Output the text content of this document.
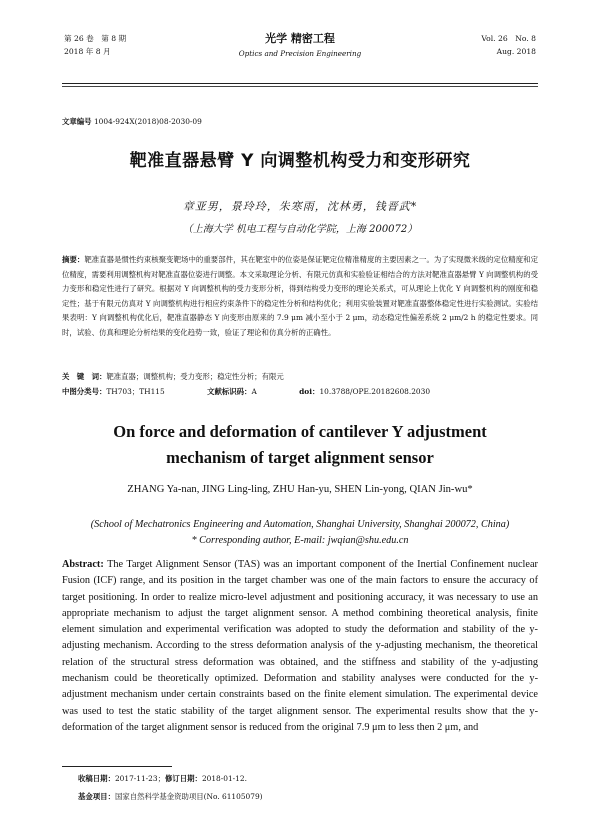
第 26 卷　第 8 期
2018 年 8 月
光学 精密工程
Optics and Precision Engineering
Vol. 26　No. 8
Aug. 2018
文章编号 1004-924X(2018)08-2030-09
靶准直器悬臂 Y 向调整机构受力和变形研究
章亚男，景玲玲，朱寒雨，沈林勇，钱晋武*
（上海大学 机电工程与自动化学院，上海 200072）
摘要：靶准直器是惯性约束核聚变靶场中的重要部件，其在靶室中的位姿是保证靶定位精准精度的主要因素之一。为了实现微米级的定位精度和定位精度，需要利用调整机构对靶准直器位姿进行调整。本文采取理论分析、有限元仿真和实验验证相结合的方法对靶准直器悬臂 Y 向调整机构的受力变形和稳定性进行了研究。根据对 Y 向调整机构的受力变形分析，得到结构受力变形的理论关系式，可从理论上优化 Y 向调整机构的刚度和稳定性；基于有限元仿真对 Y 向调整机构进行相应约束条件下的稳定性分析和结构优化；利用实验装置对靶准直器整体稳定性进行实验测试。实验结果表明：Y 向调整机构优化后，靶准直器静态 Y 向变形由原来的 7.9 μm 减小至小于 2 μm，动态稳定性偏差系统 2 μm/2 h 的稳定性要求。同时，试验、仿真和理论分析结果的变化趋势一致，验证了理论和仿真分析的正确性。
关　键　词：靶准直器；调整机构；受力变形；稳定性分析；有限元
中图分类号：TH703；TH115	文献标识码：A	doi：10.3788/OPE.20182608.2030
On force and deformation of cantilever Y adjustment
mechanism of target alignment sensor
ZHANG Ya-nan, JING Ling-ling, ZHU Han-yu, SHEN Lin-yong, QIAN Jin-wu*
(School of Mechatronics Engineering and Automation, Shanghai University, Shanghai 200072, China)
* Corresponding author, E-mail: jwqian@shu.edu.cn
Abstract: The Target Alignment Sensor (TAS) was an important component of the Inertial Confinement nuclear Fusion (ICF) range, and its position in the target chamber was one of the main factors to ensure the accuracy of target positioning. In order to realize micro-level adjustment and positioning accuracy, it was necessary to use an appropriate mechanism to adjust the target alignment sensor. A method combining theoretical analysis, finite element simulation and experimental verification was adopted to study the deformation and stability of the y-adjusting mechanism. According to the stress deformation analysis of the y-adjusting mechanism, the theoretical relation of the structural stress deformation was obtained, and the stiffness and stability of the y-adjusting mechanism could be theoretically optimized. Deformation and stability analyses were conducted for the y-adjustment mechanism under certain constraints based on the finite element simulation. The experimental device was used to test the static stability of the target alignment sensor. The experimental results show that the y-deformation of the target alignment sensor is reduced from the original 7.9 μm to less then 2 μm, and
收稿日期：2017-11-23；修订日期：2018-01-12.
基金项目：国家自然科学基金资助项目(No. 61105079)
